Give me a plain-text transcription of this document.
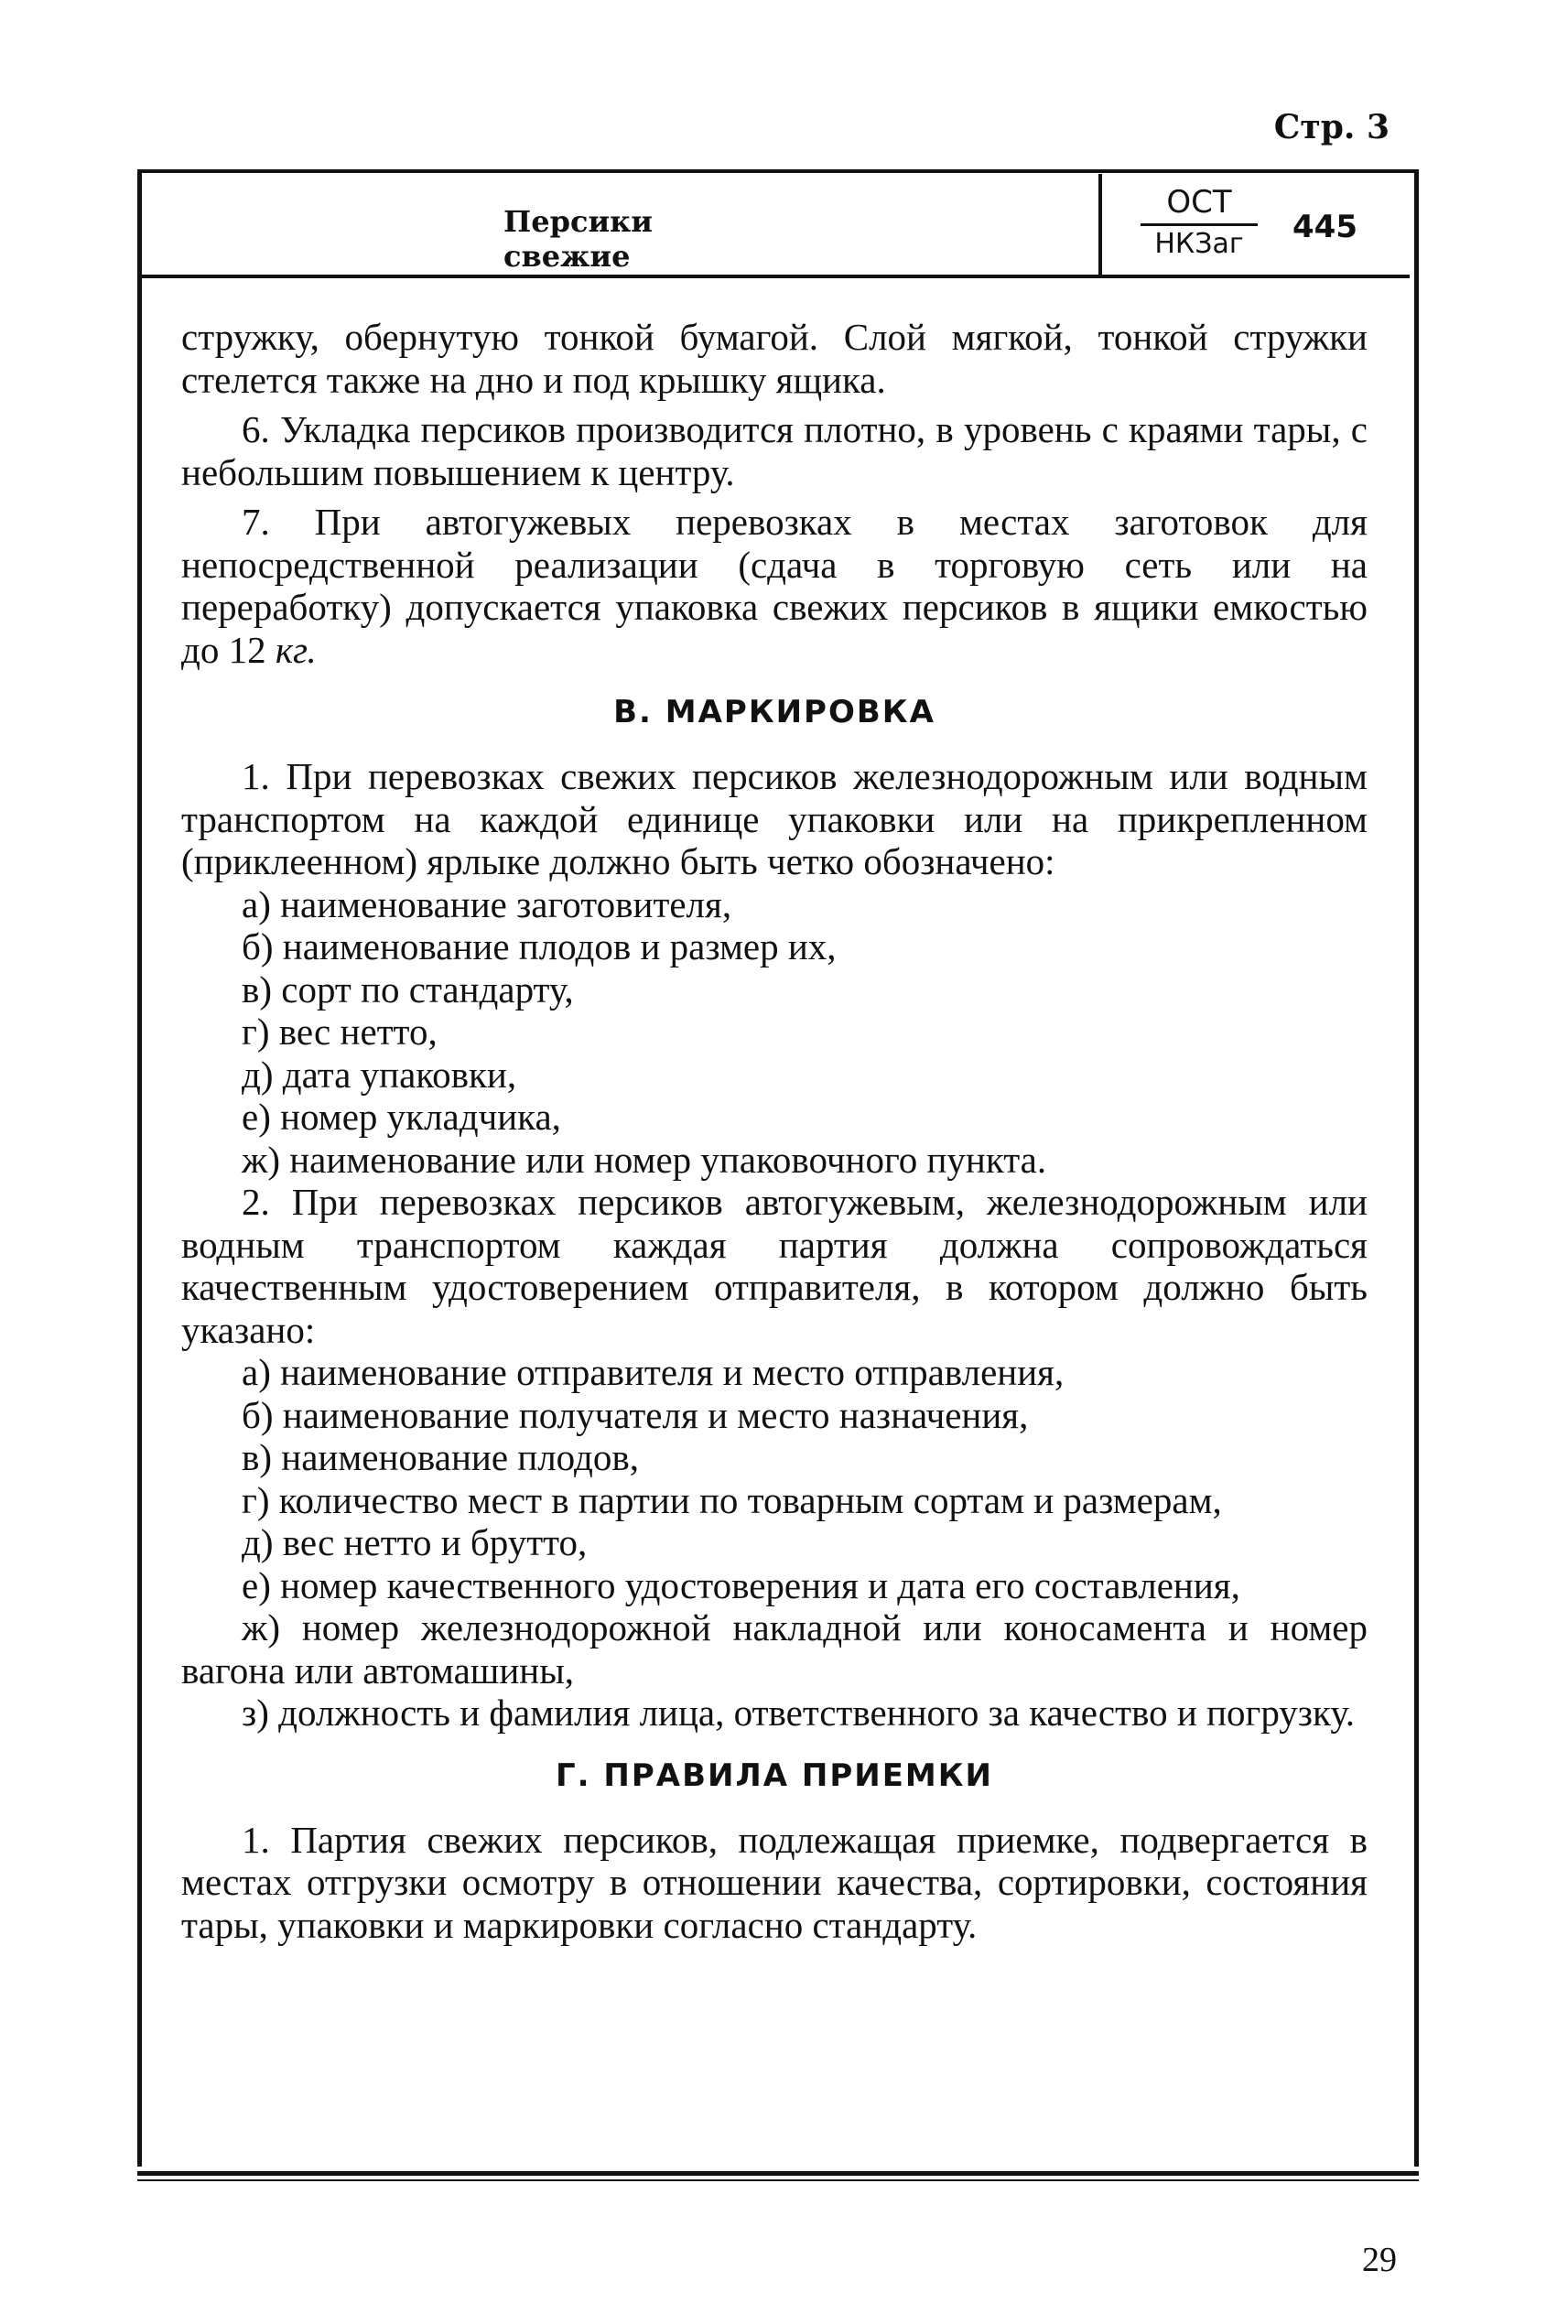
Стр. 3
Персики свежие
ОСТ
НКЗаг	445

стружку, обернутую тонкой бумагой. Слой мягкой, тонкой стружки стелется также на дно и под крышку ящика.

6. Укладка персиков производится плотно, в уровень с краями тары, с небольшим повышением к центру.

7. При автогужевых перевозках в местах заготовок для непосредственной реализации (сдача в торговую сеть или на переработку) допускается упаковка свежих персиков в ящики емкостью до 12 кг.

В. МАРКИРОВКА

1. При перевозках свежих персиков железнодорожным или водным транспортом на каждой единице упаковки или на прикрепленном (приклеенном) ярлыке должно быть четко обозначено:

а) наименование заготовителя,

б) наименование плодов и размер их,

в) сорт по стандарту,

г) вес нетто,

д) дата упаковки,

е) номер укладчика,

ж) наименование или номер упаковочного пункта.

2. При перевозках персиков автогужевым, железнодорожным или водным транспортом каждая партия должна сопровождаться качественным удостоверением отправителя, в котором должно быть указано:

а) наименование отправителя и место отправления,

б) наименование получателя и место назначения,

в) наименование плодов,

г) количество мест в партии по товарным сортам и размерам,

д) вес нетто и брутто,

е) номер качественного удостоверения и дата его составления,

ж) номер железнодорожной накладной или коносамента и номер вагона или автомашины,

з) должность и фамилия лица, ответственного за качество и погрузку.

Г. ПРАВИЛА ПРИЕМКИ

1. Партия свежих персиков, подлежащая приемке, подвергается в местах отгрузки осмотру в отношении качества, сортировки, состояния тары, упаковки и маркировки согласно стандарту.

29
